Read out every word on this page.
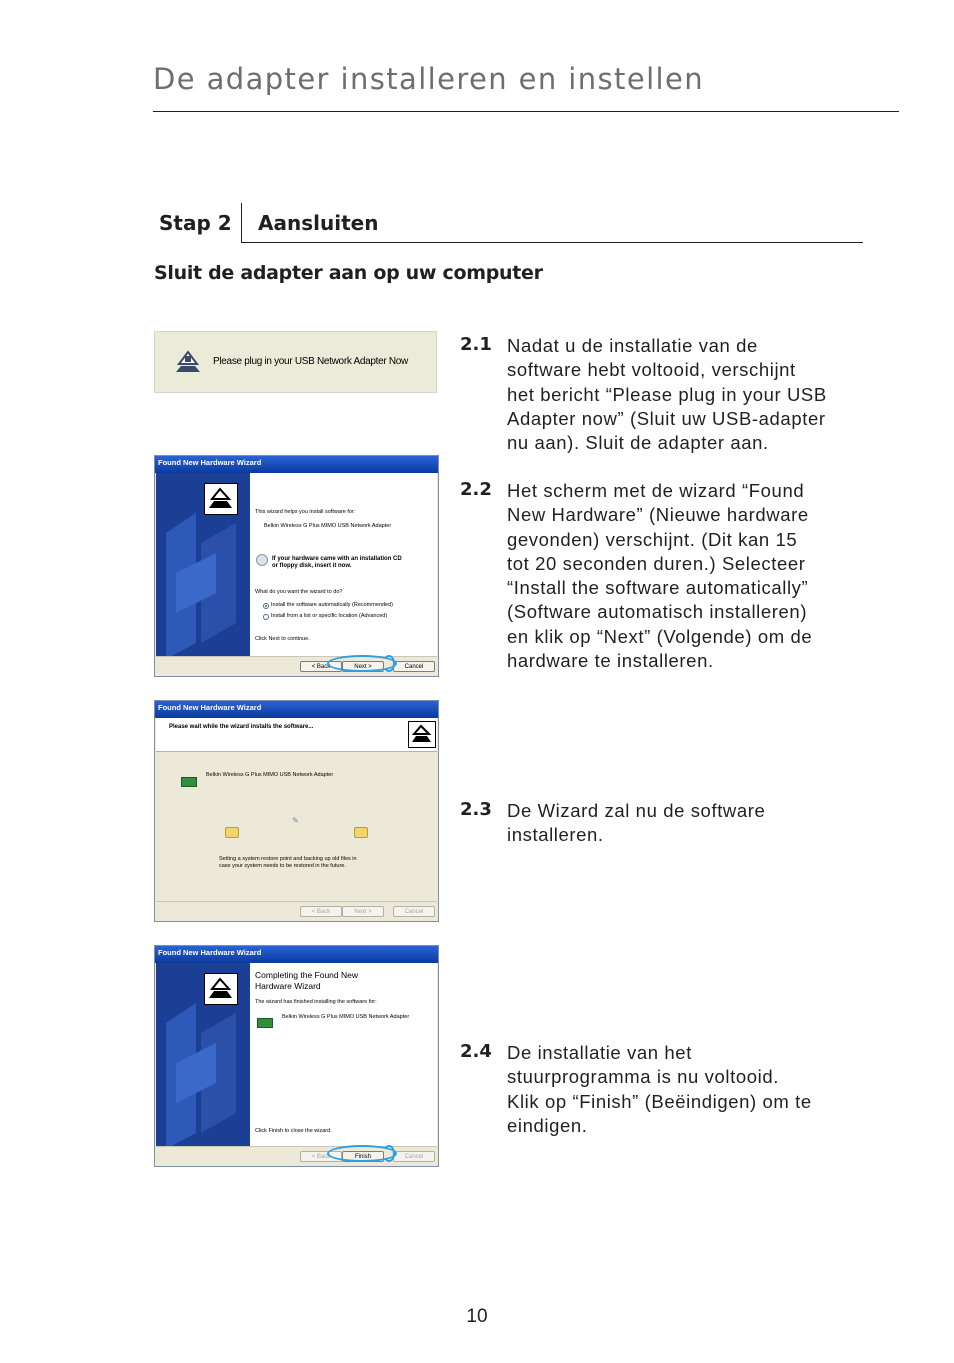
De adapter installeren en instellen
Stap 2 Aansluiten
Sluit de adapter aan op uw computer
Please plug in your USB Network Adapter Now
Found New Hardware Wizard
This wizard helps you install software for:
Belkin Wireless G Plus MIMO USB Network Adapter
If your hardware came with an installation CD
or floppy disk, insert it now.
What do you want the wizard to do?
Install the software automatically (Recommended)
Install from a list or specific location (Advanced)
Click Next to continue.
< Back	Next >	Cancel
Found New Hardware Wizard
Please wait while the wizard installs the software...
Belkin Wireless G Plus MIMO USB Network Adapter
✎
Setting a system restore point and backing up old files in
case your system needs to be restored in the future.
< Back	Next >	Cancel
Found New Hardware Wizard
Completing the Found New
Hardware Wizard
The wizard has finished installing the software for:
Belkin Wireless G Plus MIMO USB Network Adapter
Click Finish to close the wizard.
< Back	Finish	Cancel
2.1 Nadat u de installatie van de
software hebt voltooid, verschijnt
het bericht “Please plug in your USB
Adapter now” (Sluit uw USB-adapter
nu aan). Sluit de adapter aan.
2.2 Het scherm met de wizard “Found
New Hardware” (Nieuwe hardware
gevonden) verschijnt. (Dit kan 15
tot 20 seconden duren.) Selecteer
“Install the software automatically”
(Software automatisch installeren)
en klik op “Next” (Volgende) om de
hardware te installeren.
2.3 De Wizard zal nu de software
installeren.
2.4 De installatie van het
stuurprogramma is nu voltooid.
Klik op “Finish” (Beëindigen) om te
eindigen.
10
